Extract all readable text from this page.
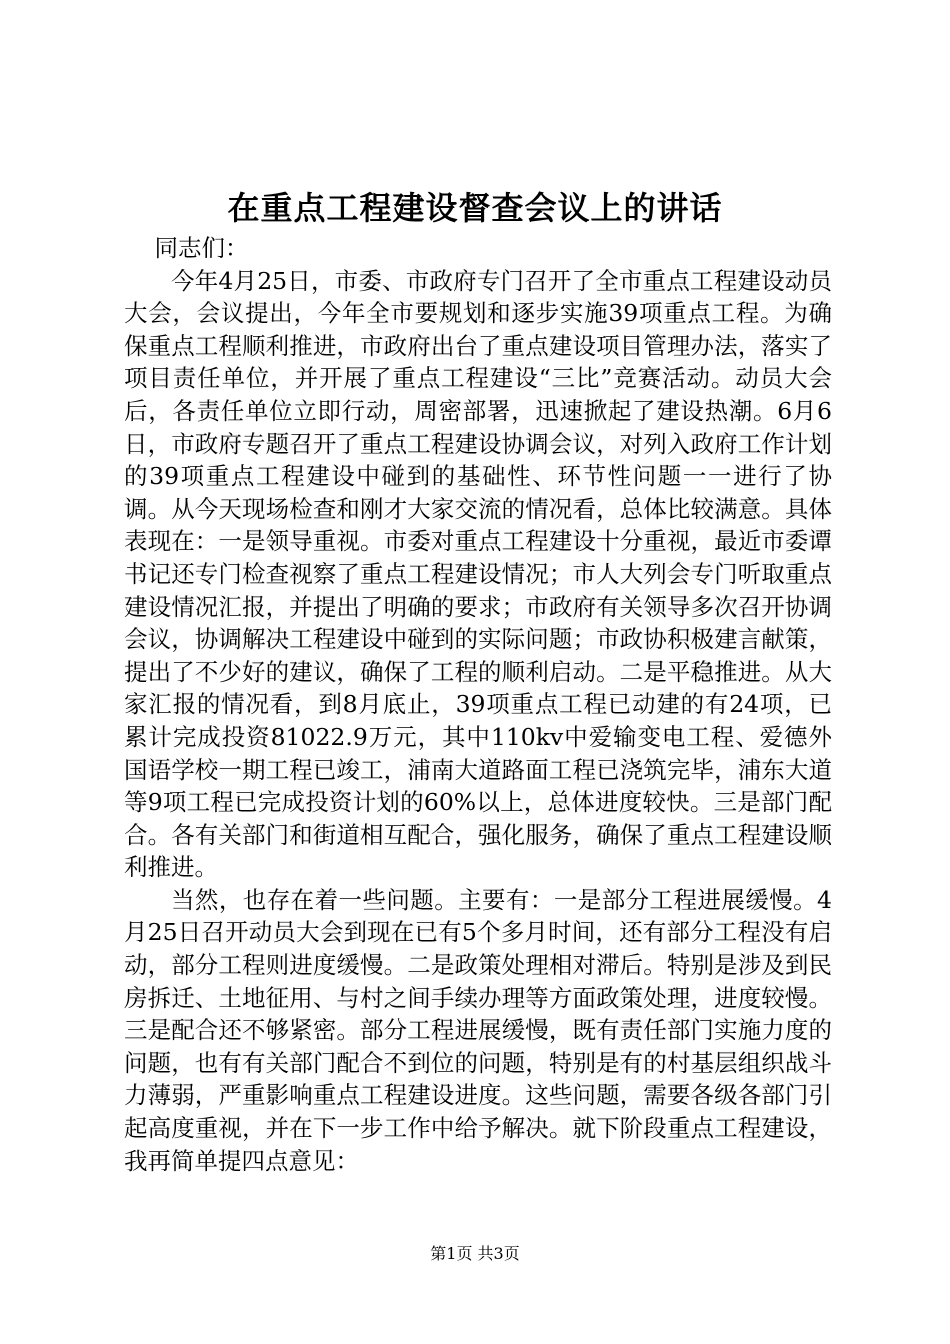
在重点工程建设督查会议上的讲话

同志们：

今年4月25日，市委、市政府专门召开了全市重点工程建设动员大会，会议提出，今年全市要规划和逐步实施39项重点工程。为确保重点工程顺利推进，市政府出台了重点建设项目管理办法，落实了项目责任单位，并开展了重点工程建设“三比”竞赛活动。动员大会后，各责任单位立即行动，周密部署，迅速掀起了建设热潮。6月6日，市政府专题召开了重点工程建设协调会议，对列入政府工作计划的39项重点工程建设中碰到的基础性、环节性问题一一进行了协调。从今天现场检查和刚才大家交流的情况看，总体比较满意。具体表现在：一是领导重视。市委对重点工程建设十分重视，最近市委谭书记还专门检查视察了重点工程建设情况；市人大列会专门听取重点建设情况汇报，并提出了明确的要求；市政府有关领导多次召开协调会议，协调解决工程建设中碰到的实际问题；市政协积极建言献策，提出了不少好的建议，确保了工程的顺利启动。二是平稳推进。从大家汇报的情况看，到8月底止，39项重点工程已动建的有24项，已累计完成投资81022.9万元，其中110kv中爱输变电工程、爱德外国语学校一期工程已竣工，浦南大道路面工程已浇筑完毕，浦东大道等9项工程已完成投资计划的60%以上，总体进度较快。三是部门配合。各有关部门和街道相互配合，强化服务，确保了重点工程建设顺利推进。

当然，也存在着一些问题。主要有：一是部分工程进展缓慢。4月25日召开动员大会到现在已有5个多月时间，还有部分工程没有启动，部分工程则进度缓慢。二是政策处理相对滞后。特别是涉及到民房拆迁、土地征用、与村之间手续办理等方面政策处理，进度较慢。三是配合还不够紧密。部分工程进展缓慢，既有责任部门实施力度的问题，也有有关部门配合不到位的问题，特别是有的村基层组织战斗力薄弱，严重影响重点工程建设进度。这些问题，需要各级各部门引起高度重视，并在下一步工作中给予解决。就下阶段重点工程建设，我再简单提四点意见：

第1页 共3页
